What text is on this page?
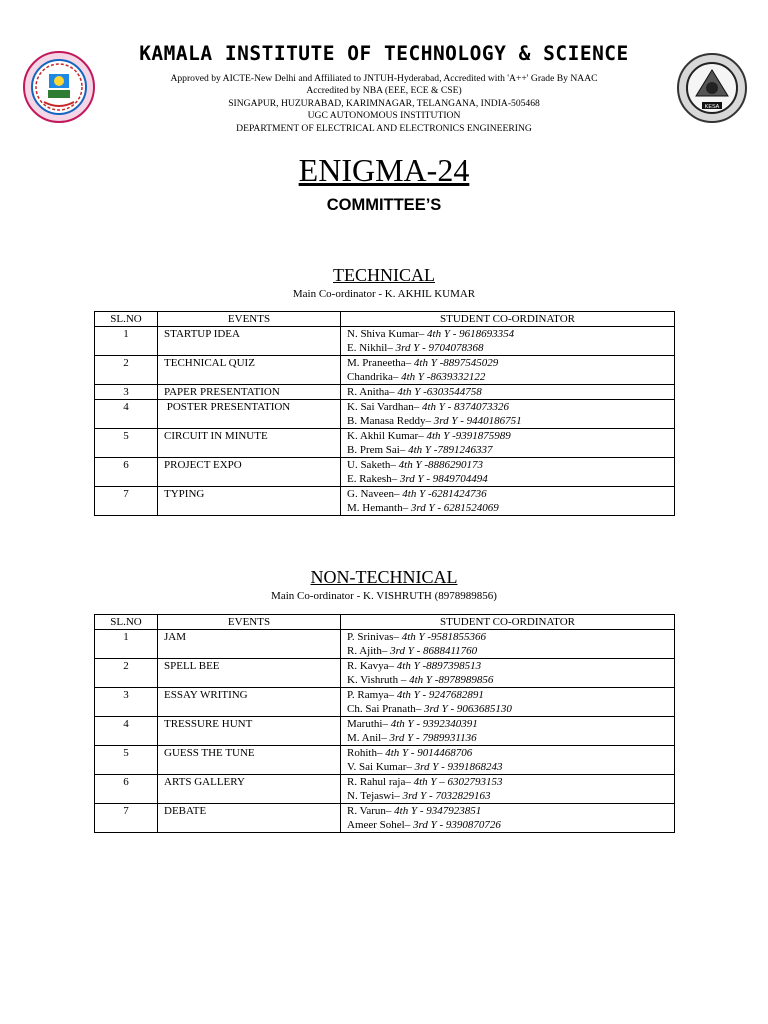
KESA
KAMALA INSTITUTE OF TECHNOLOGY & SCIENCE
Approved by AICTE-New Delhi and Affiliated to JNTUH-Hyderabad, Accredited with 'A++' Grade By NAAC
Accredited by NBA (EEE, ECE & CSE)
SINGAPUR, HUZURABAD, KARIMNAGAR, TELANGANA, INDIA-505468
UGC AUTONOMOUS INSTITUTION
DEPARTMENT OF ELECTRICAL AND ELECTRONICS ENGINEERING
ENIGMA-24
COMMITTEE’S
TECHNICAL
Main Co-ordinator - K. AKHIL KUMAR
SL.NO	EVENTS	STUDENT CO-ORDINATOR
1	STARTUP IDEA	N. Shiva Kumar– 4th Y - 9618693354
E. Nikhil– 3rd Y - 9704078368

2	TECHNICAL QUIZ	M. Praneetha– 4th Y -8897545029
Chandrika– 4th Y -8639332122

3	PAPER PRESENTATION	R. Anitha– 4th Y -6303544758

4	POSTER PRESENTATION	K. Sai Vardhan– 4th Y - 8374073326
B. Manasa Reddy– 3rd Y - 9440186751

5	CIRCUIT IN MINUTE	K. Akhil Kumar– 4th Y -9391875989
B. Prem Sai– 4th Y -7891246337

6	PROJECT EXPO	U. Saketh– 4th Y -8886290173
E. Rakesh– 3rd Y - 9849704494

7	TYPING	G. Naveen– 4th Y -6281424736
M. Hemanth– 3rd Y - 6281524069
NON-TECHNICAL
Main Co-ordinator - K. VISHRUTH (8978989856)
SL.NO	EVENTS	STUDENT CO-ORDINATOR
1	JAM	P. Srinivas– 4th Y -9581855366
R. Ajith– 3rd Y - 8688411760

2	SPELL BEE	R. Kavya– 4th Y -8897398513
K. Vishruth – 4th Y -8978989856

3	ESSAY WRITING	P. Ramya– 4th Y - 9247682891
Ch. Sai Pranath– 3rd Y - 9063685130

4	TRESSURE HUNT	Maruthi– 4th Y - 9392340391
M. Anil– 3rd Y - 7989931136

5	GUESS THE TUNE	Rohith– 4th Y - 9014468706
V. Sai Kumar– 3rd Y - 9391868243

6	ARTS GALLERY	R. Rahul raja– 4th Y – 6302793153
N. Tejaswi– 3rd Y - 7032829163

7	DEBATE	R. Varun– 4th Y - 9347923851
Ameer Sohel– 3rd Y - 9390870726
